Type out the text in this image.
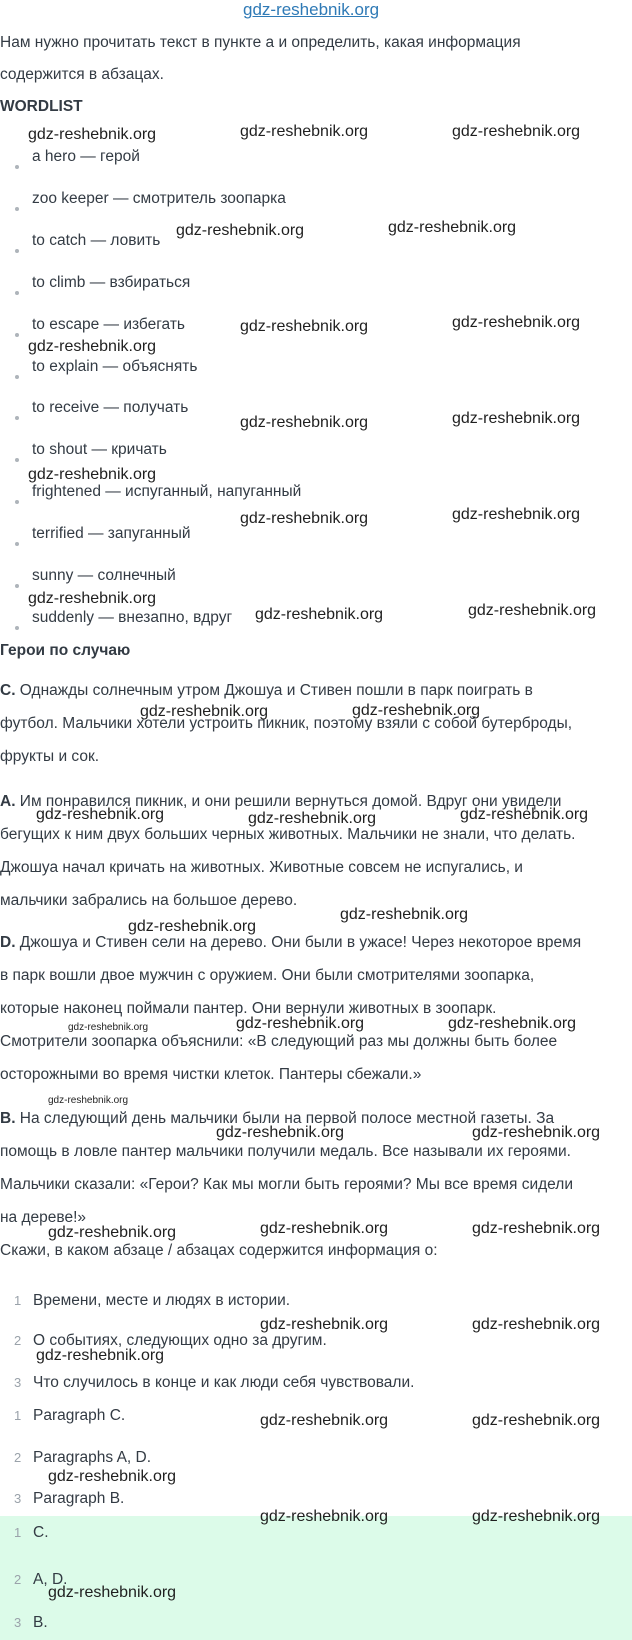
Нам нужно прочитать текст в пункте а и определить, какая информация
содержится в абзацах.
WORDLIST
a hero — герой
zoo keeper — смотритель зоопарка
to catch — ловить
to climb — взбираться
to escape — избегать
to explain — объяснять
to receive — получать
to shout — кричать
frightened — испуганный, напуганный
terrified — запуганный
sunny — солнечный
suddenly — внезапно, вдруг
Герои по случаю
C. Однажды солнечным утром Джошуа и Стивен пошли в парк поиграть в
футбол. Мальчики хотели устроить пикник, поэтому взяли с собой бутерброды,
фрукты и сок.
A. Им понравился пикник, и они решили вернуться домой. Вдруг они увидели
бегущих к ним двух больших черных животных. Мальчики не знали, что делать.
Джошуа начал кричать на животных. Животные совсем не испугались, и
мальчики забрались на большое дерево.
D. Джошуа и Стивен сели на дерево. Они были в ужасе! Через некоторое время
в парк вошли двое мужчин с оружием. Они были смотрителями зоопарка,
которые наконец поймали пантер. Они вернули животных в зоопарк.
Смотрители зоопарка объяснили: «В следующий раз мы должны быть более
осторожными во время чистки клеток. Пантеры сбежали.»
B. На следующий день мальчики были на первой полосе местной газеты. За
помощь в ловле пантер мальчики получили медаль. Все называли их героями.
Мальчики сказали: «Герои? Как мы могли быть героями? Мы все время сидели
на дереве!»
Скажи, в каком абзаце / абзацах содержится информация о:
1 Времени, месте и людях в истории.
2 О событиях, следующих одно за другим.
3 Что случилось в конце и как люди себя чувствовали.
1 Paragraph C.
2 Paragraphs A, D.
3 Paragraph B.
1 C.
2 A, D.
3 B.
gdz-reshebnik.org
gdz-reshebnik.org	gdz-reshebnik.org	gdz-reshebnik.org
gdz-reshebnik.org	gdz-reshebnik.org
gdz-reshebnik.org	gdz-reshebnik.org
gdz-reshebnik.org
gdz-reshebnik.org	gdz-reshebnik.org
gdz-reshebnik.org
gdz-reshebnik.org	gdz-reshebnik.org
gdz-reshebnik.org
gdz-reshebnik.org	gdz-reshebnik.org
gdz-reshebnik.org	gdz-reshebnik.org
gdz-reshebnik.org	gdz-reshebnik.org	gdz-reshebnik.org
gdz-reshebnik.org
gdz-reshebnik.org
gdz-reshebnik.org	gdz-reshebnik.org	gdz-reshebnik.org
gdz-reshebnik.org
gdz-reshebnik.org	gdz-reshebnik.org
gdz-reshebnik.org	gdz-reshebnik.org	gdz-reshebnik.org
gdz-reshebnik.org	gdz-reshebnik.org
gdz-reshebnik.org
gdz-reshebnik.org	gdz-reshebnik.org
gdz-reshebnik.org
gdz-reshebnik.org	gdz-reshebnik.org
gdz-reshebnik.org
